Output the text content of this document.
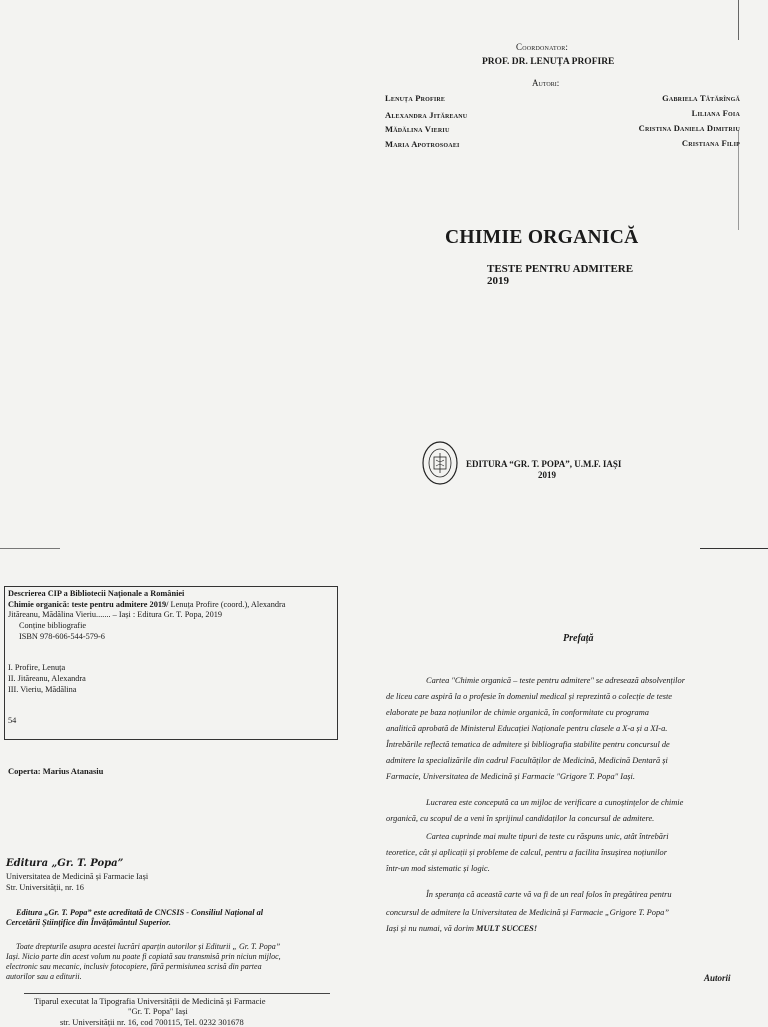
Coordonator:
PROF. DR. LENUȚA PROFIRE
Autori:
Lenuța Profire
Alexandra Jităreanu
Mădălina Vieriu
Maria Apotrosoaei
Gabriela Tătărîngă
Liliana Foia
Cristina Daniela Dimitriu
Cristiana Filip
CHIMIE ORGANICĂ
TESTE PENTRU ADMITERE 2019
EDITURA “GR. T. POPA”, U.M.F. IAȘI
2019
Descrierea CIP a Bibliotecii Naționale a României
Chimie organică: teste pentru admitere 2019/ Lenuța Profire (coord.), Alexandra
Jităreanu, Mădălina Vieriu....... – Iași : Editura Gr. T. Popa, 2019
Conține bibliografie
ISBN 978-606-544-579-6
I. Profire, Lenuța
II. Jităreanu, Alexandra
III. Vieriu, Mădălina
54
Coperta: Marius Atanasiu
Editura „Gr. T. Popa”
Universitatea de Medicină și Farmacie Iași
Str. Universității, nr. 16
Editura „Gr. T. Popa” este acreditată de CNCSIS - Consiliul Național al
Cercetării Științifice din Învățământul Superior.
Toate drepturile asupra acestei lucrări aparțin autorilor și Editurii „ Gr. T. Popa”
Iași. Nicio parte din acest volum nu poate fi copiată sau transmisă prin niciun mijloc,
electronic sau mecanic, inclusiv fotocopiere, fără permisiunea scrisă din partea
autorilor sau a editurii.
Tiparul executat la Tipografia Universității de Medicină și Farmacie
"Gr. T. Popa" Iași
str. Universității nr. 16, cod 700115, Tel. 0232 301678
Prefață
Cartea "Chimie organică – teste pentru admitere" se adresează absolvenților
de liceu care aspiră la o profesie în domeniul medical și reprezintă o colecție de teste
elaborate pe baza noțiunilor de chimie organică, în conformitate cu programa
analitică aprobată de Ministerul Educației Naționale pentru clasele a X-a și a XI-a.
Întrebările reflectă tematica de admitere și bibliografia stabilite pentru concursul de
admitere la specializările din cadrul Facultăților de Medicină, Medicină Dentară și
Farmacie, Universitatea de Medicină și Farmacie "Grigore T. Popa" Iași.
Lucrarea este concepută ca un mijloc de verificare a cunoștințelor de chimie
organică, cu scopul de a veni în sprijinul candidaților la concursul de admitere.
Cartea cuprinde mai multe tipuri de teste cu răspuns unic, atât întrebări
teoretice, cât și aplicații și probleme de calcul, pentru a facilita însușirea noțiunilor
într-un mod sistematic și logic.
În speranța că această carte vă va fi de un real folos în pregătirea pentru
concursul de admitere la Universitatea de Medicină și Farmacie „Grigore T. Popa”
Iași și nu numai, vă dorim MULT SUCCES!
Autorii
